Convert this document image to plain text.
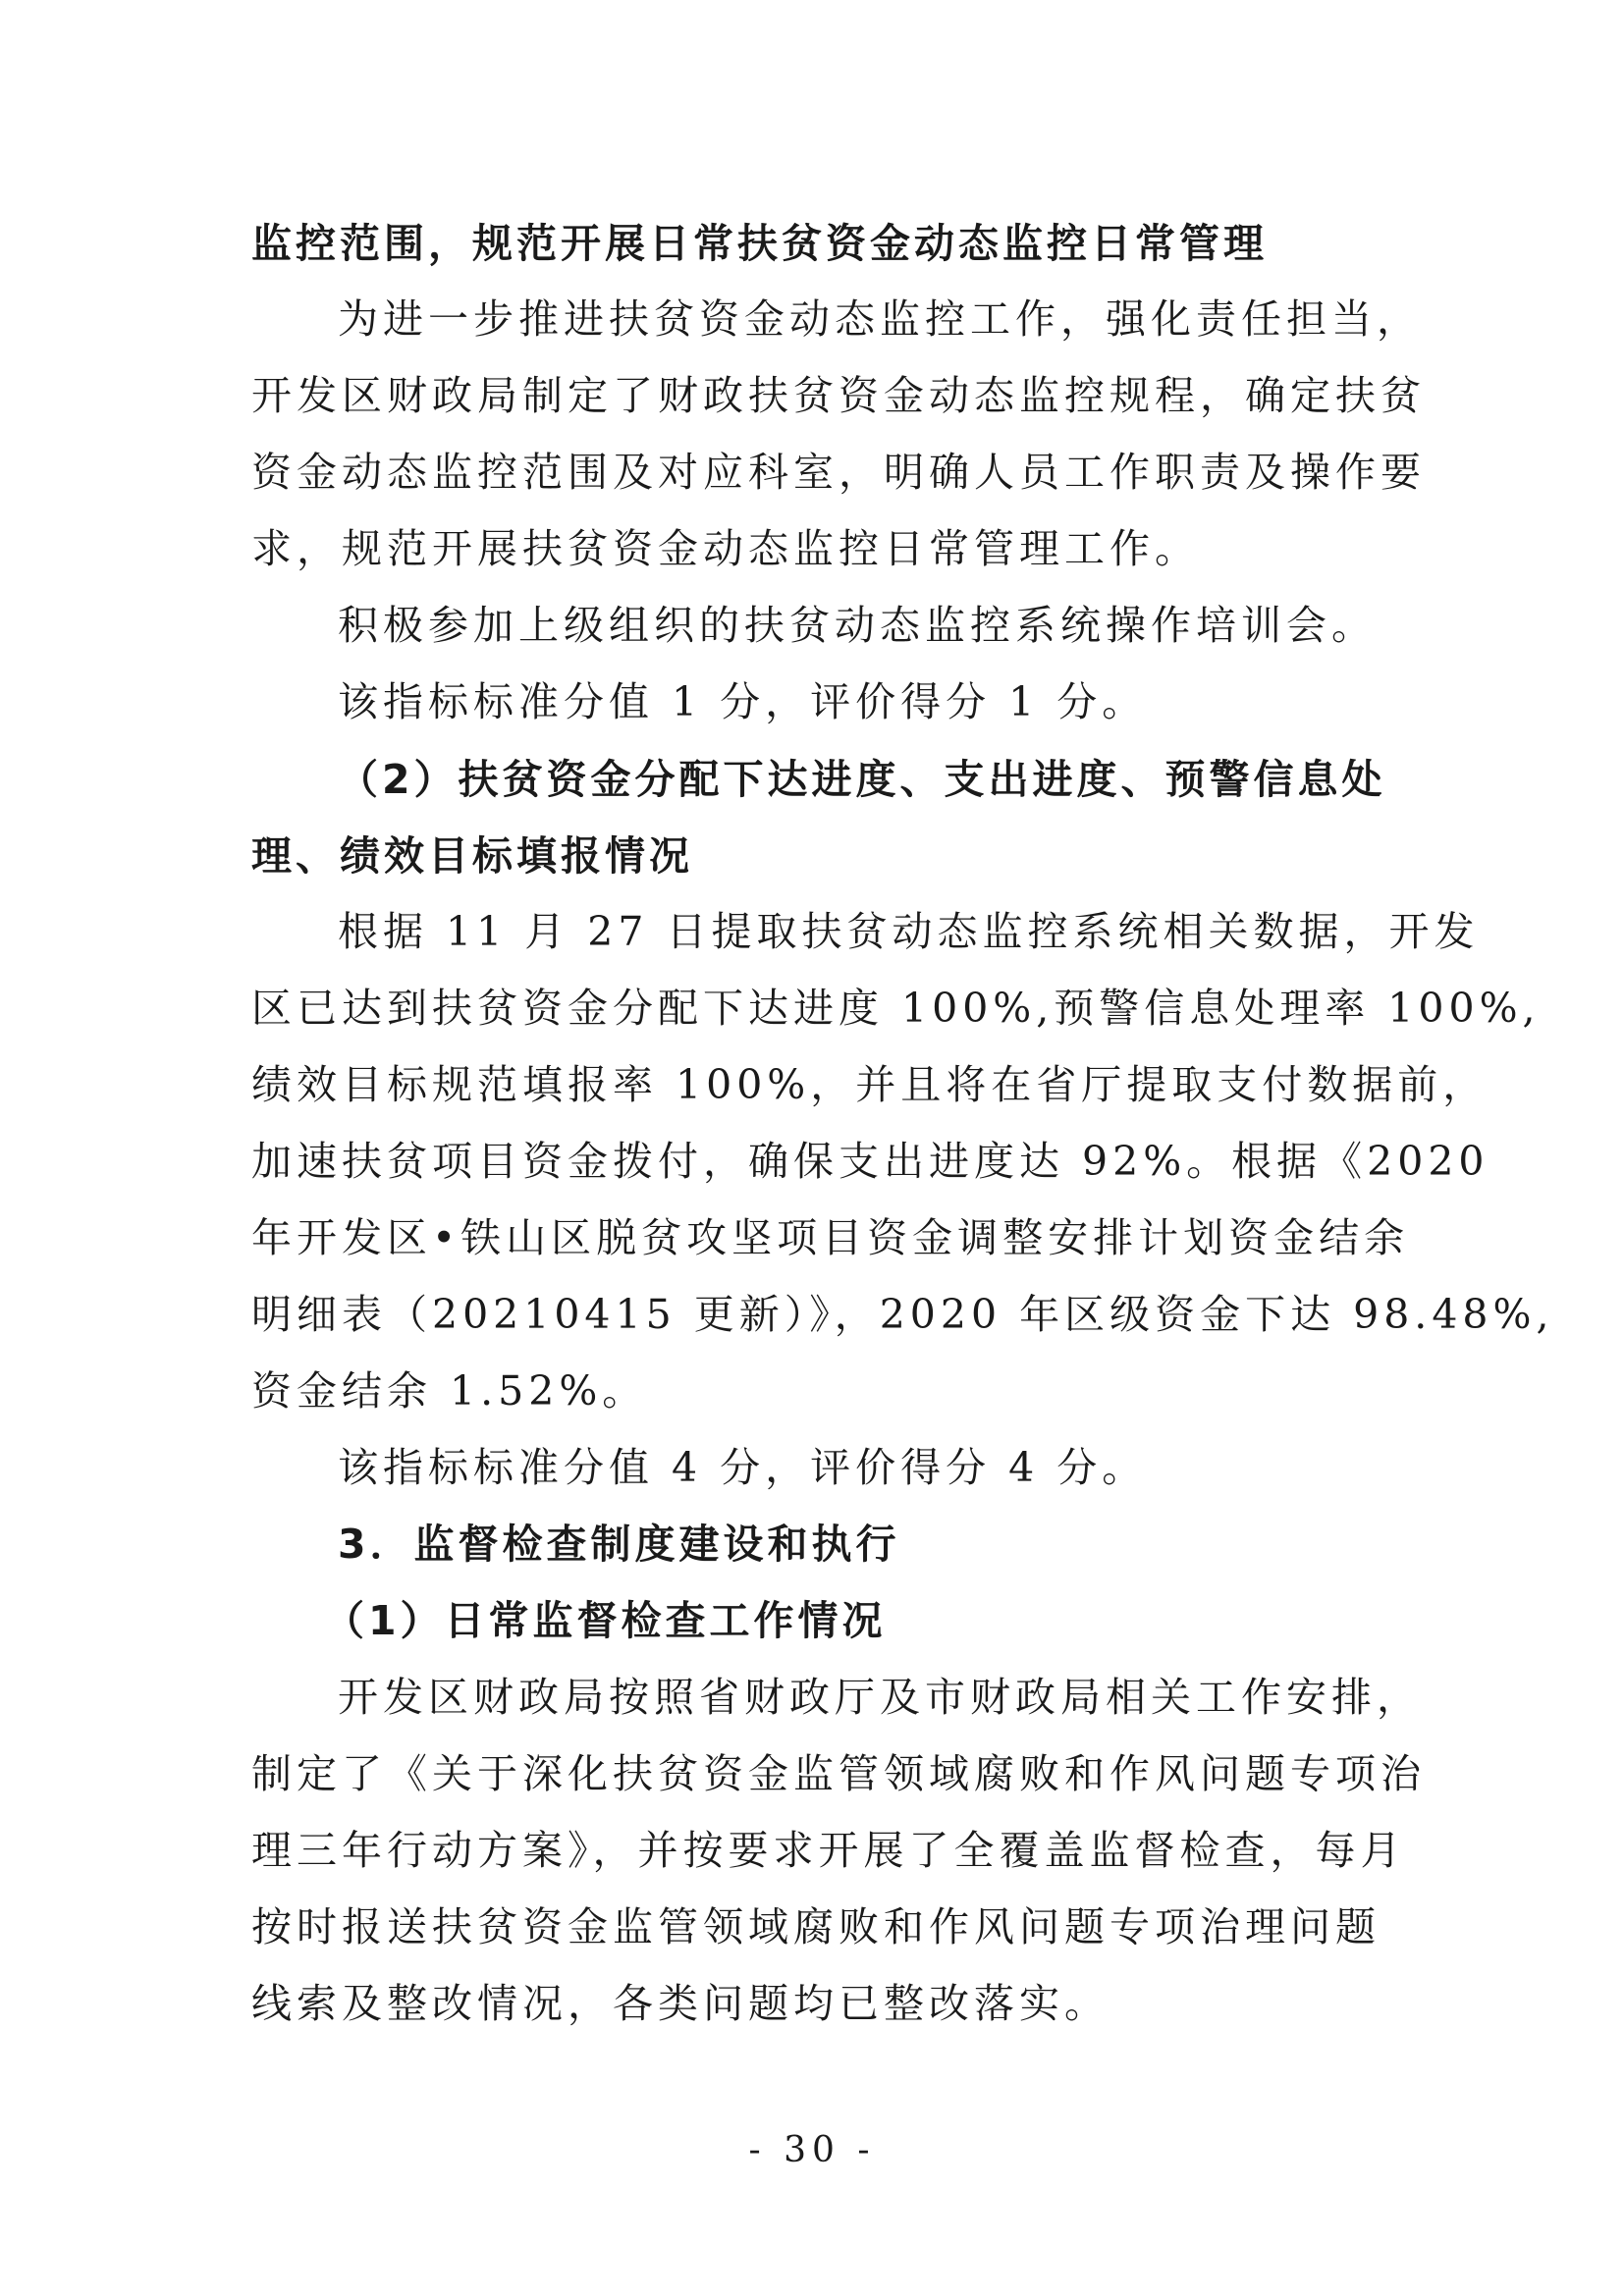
监控范围，规范开展日常扶贫资金动态监控日常管理
为进一步推进扶贫资金动态监控工作，强化责任担当，
开发区财政局制定了财政扶贫资金动态监控规程，确定扶贫
资金动态监控范围及对应科室，明确人员工作职责及操作要
求，规范开展扶贫资金动态监控日常管理工作。
积极参加上级组织的扶贫动态监控系统操作培训会。
该指标标准分值 1 分，评价得分 1 分。
（2）扶贫资金分配下达进度、支出进度、预警信息处
理、绩效目标填报情况
根据 11 月 27 日提取扶贫动态监控系统相关数据，开发
区已达到扶贫资金分配下达进度 100%,预警信息处理率 100%,
绩效目标规范填报率 100%，并且将在省厅提取支付数据前，
加速扶贫项目资金拨付，确保支出进度达 92%。根据《2020
年开发区•铁山区脱贫攻坚项目资金调整安排计划资金结余
明细表（20210415 更新）》，2020 年区级资金下达 98.48%,
资金结余 1.52%。
该指标标准分值 4 分，评价得分 4 分。
3．监督检查制度建设和执行
（1）日常监督检查工作情况
开发区财政局按照省财政厅及市财政局相关工作安排，
制定了《关于深化扶贫资金监管领域腐败和作风问题专项治
理三年行动方案》，并按要求开展了全覆盖监督检查，每月
按时报送扶贫资金监管领域腐败和作风问题专项治理问题
线索及整改情况，各类问题均已整改落实。
- 30 -
